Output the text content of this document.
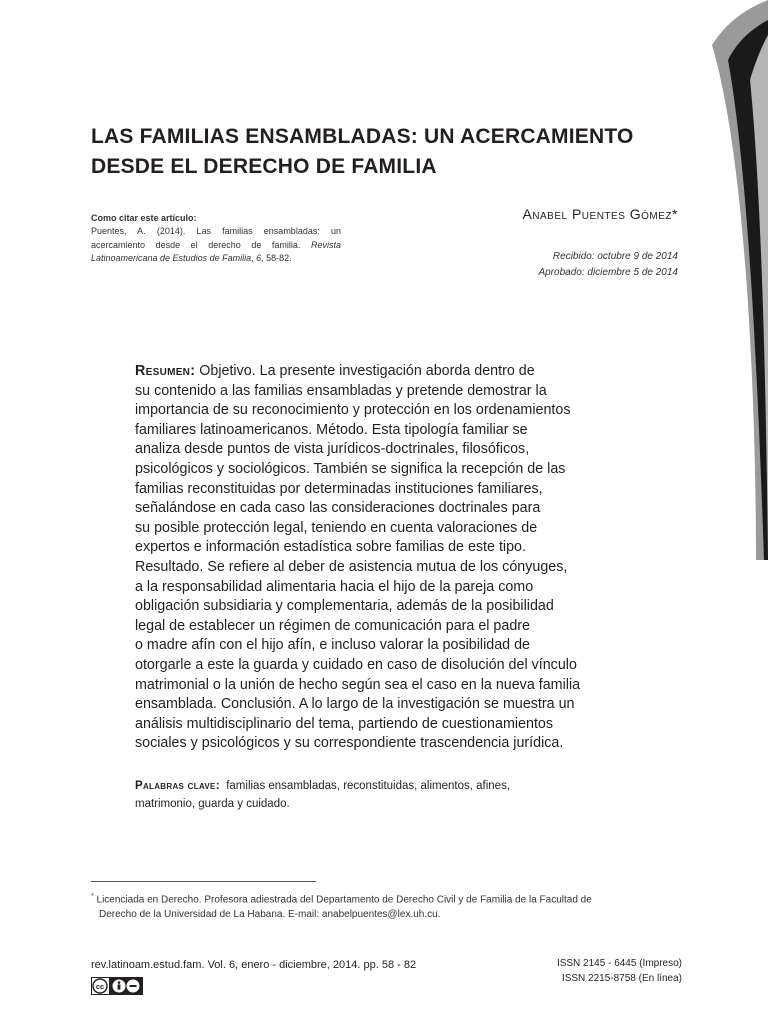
LAS FAMILIAS ENSAMBLADAS: UN ACERCAMIENTO
DESDE EL DERECHO DE FAMILIA
Como citar este artículo:
Puentes, A. (2014). Las familias ensambladas: un acercamiento desde el derecho de familia. Revista Latinoamericana de Estudios de Familia, 6, 58-82.
Anabel Puentes Gómez*
Recibido: octubre 9 de 2014
Aprobado: diciembre 5 de 2014
Resumen: Objetivo. La presente investigación aborda dentro de
su contenido a las familias ensambladas y pretende demostrar la
importancia de su reconocimiento y protección en los ordenamientos
familiares latinoamericanos. Método. Esta tipología familiar se
analiza desde puntos de vista jurídicos-doctrinales, filosóficos,
psicológicos y sociológicos. También se significa la recepción de las
familias reconstituidas por determinadas instituciones familiares,
señalándose en cada caso las consideraciones doctrinales para
su posible protección legal, teniendo en cuenta valoraciones de
expertos e información estadística sobre familias de este tipo.
Resultado. Se refiere al deber de asistencia mutua de los cónyuges,
a la responsabilidad alimentaria hacia el hijo de la pareja como
obligación subsidiaria y complementaria, además de la posibilidad
legal de establecer un régimen de comunicación para el padre
o madre afín con el hijo afín, e incluso valorar la posibilidad de
otorgarle a este la guarda y cuidado en caso de disolución del vínculo
matrimonial o la unión de hecho según sea el caso en la nueva familia
ensamblada. Conclusión. A lo largo de la investigación se muestra un
análisis multidisciplinario del tema, partiendo de cuestionamientos
sociales y psicológicos y su correspondiente trascendencia jurídica.
Palabras clave: familias ensambladas, reconstituidas, alimentos, afines,
matrimonio, guarda y cuidado.
* Licenciada en Derecho. Profesora adiestrada del Departamento de Derecho Civil y de Familia de la Facultad de
Derecho de la Universidad de La Habana. E-mail: anabelpuentes@lex.uh.cu.
rev.latinoam.estud.fam. Vol. 6, enero - diciembre, 2014. pp. 58 - 82	ISSN 2145 - 6445 (Impreso)
ISSN 2215-8758 (En línea)
cc
